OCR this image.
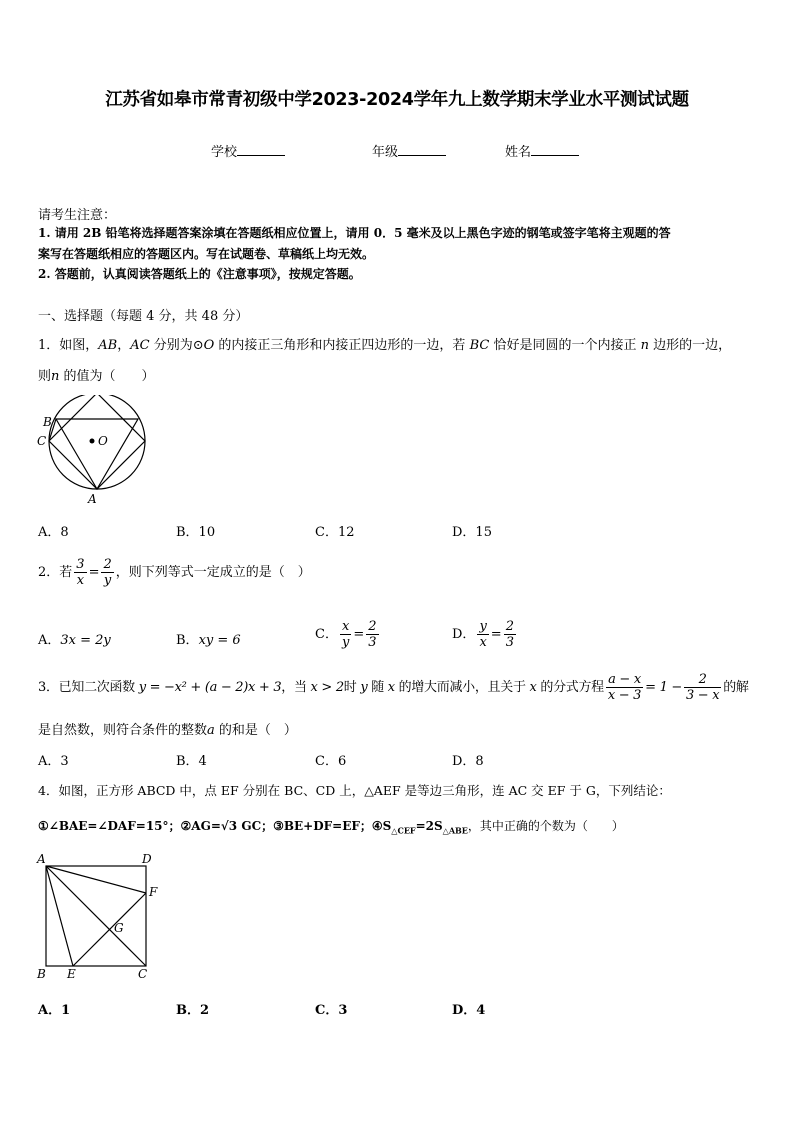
江苏省如皋市常青初级中学2023-2024学年九上数学期末学业水平测试试题
学校	年级	姓名
请考生注意：
1. 请用 2B 铅笔将选择题答案涂填在答题纸相应位置上，请用 0．5 毫米及以上黑色字迹的钢笔或签字笔将主观题的答
案写在答题纸相应的答题区内。写在试题卷、草稿纸上均无效。
2. 答题前，认真阅读答题纸上的《注意事项》，按规定答题。
一、选择题（每题 4 分，共 48 分）
1．如图，AB，AC 分别为⊙O 的内接正三角形和内接正四边形的一边，若 BC 恰好是同圆的一个内接正 n 边形的一边，
则n 的值为（　　）
B
C	O
A
A．8	B．10	C．12	D．15
2．若 $\frac{3}{x} = \frac{2}{y}$ ，则下列等式一定成立的是（　）
A．3x = 2y	B．xy = 6	C． $\frac{x}{y} = \frac{2}{3}$	D． $\frac{y}{x} = \frac{2}{3}$
3．已知二次函数 y = −x² + (a − 2)x + 3，当 x > 2时 y 随 x 的增大而减小，且关于 x 的分式方程 $\frac{a - x}{x - 3} = 1 - \frac{2}{3 - x}$ 的解
是自然数，则符合条件的整数a 的和是（　）
A．3	B．4	C．6	D．8
4．如图，正方形 ABCD 中，点 EF 分别在 BC、CD 上，△AEF 是等边三角形，连 AC 交 EF 于 G，下列结论：
①∠BAE=∠DAF=15°；②AG=√3 GC；③BE+DF=EF；$④S_{\triangle CEF}=2S_{\triangle ABE}$，其中正确的个数为（　　）
A	D
F
G
B E	C
A．1	B．2	C．3	D．4
